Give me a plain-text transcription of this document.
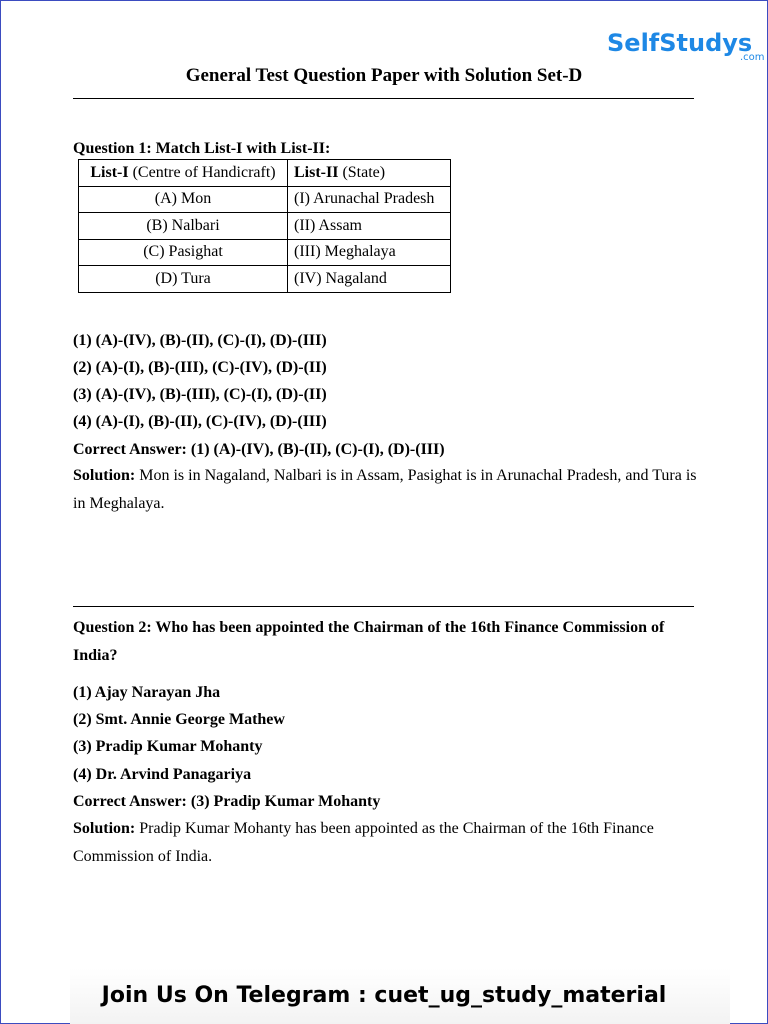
SelfStudys
.com
General Test Question Paper with Solution Set-D
Question 1: Match List-I with List-II:
List-I (Centre of Handicraft)	List-II (State)
(A) Mon	(I) Arunachal Pradesh
(B) Nalbari	(II) Assam
(C) Pasighat	(III) Meghalaya
(D) Tura	(IV) Nagaland
(1) (A)-(IV), (B)-(II), (C)-(I), (D)-(III)
(2) (A)-(I), (B)-(III), (C)-(IV), (D)-(II)
(3) (A)-(IV), (B)-(III), (C)-(I), (D)-(II)
(4) (A)-(I), (B)-(II), (C)-(IV), (D)-(III)
Correct Answer: (1) (A)-(IV), (B)-(II), (C)-(I), (D)-(III)
Solution: Mon is in Nagaland, Nalbari is in Assam, Pasighat is in Arunachal Pradesh, and Tura is in Meghalaya.
Question 2: Who has been appointed the Chairman of the 16th Finance Commission of India?
(1) Ajay Narayan Jha
(2) Smt. Annie George Mathew
(3) Pradip Kumar Mohanty
(4) Dr. Arvind Panagariya
Correct Answer: (3) Pradip Kumar Mohanty
Solution: Pradip Kumar Mohanty has been appointed as the Chairman of the 16th Finance Commission of India.
Join Us On Telegram : cuet_ug_study_material
